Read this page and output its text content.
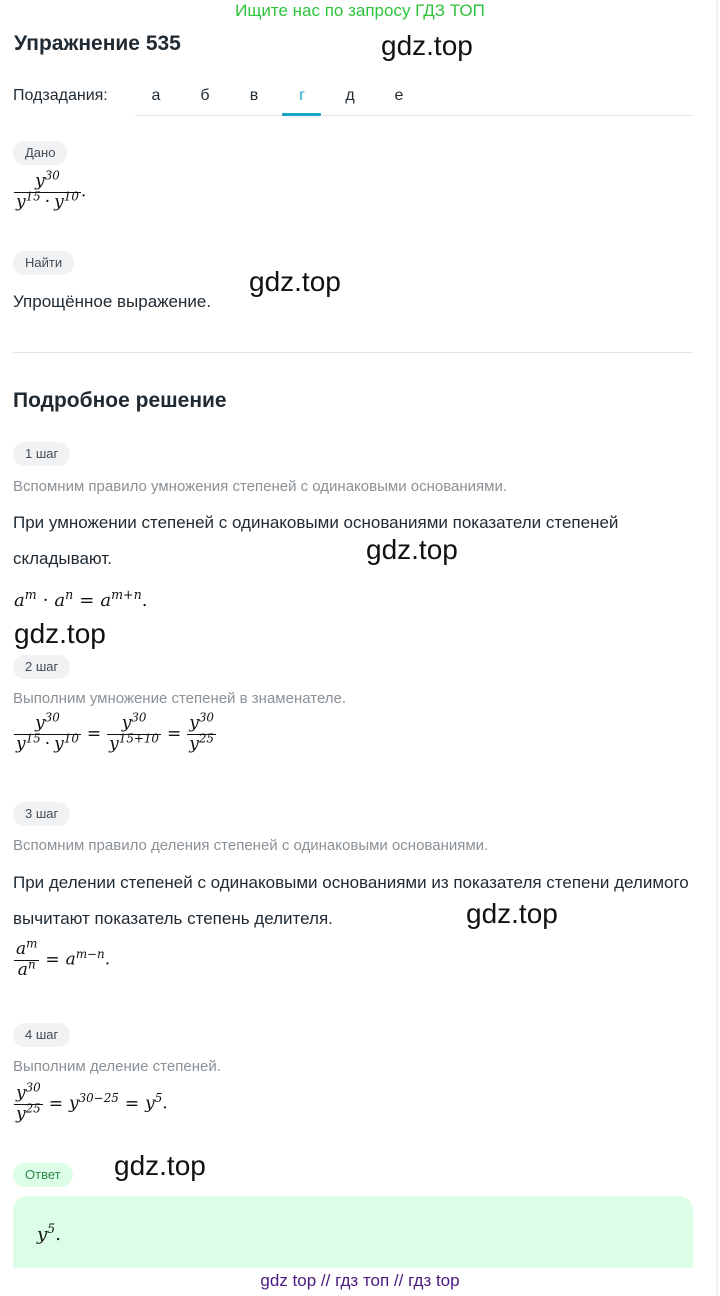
Ищите нас по запросу ГДЗ ТОП
Упражнение 535	gdz.top
Подзадания:	а	б	в	г	д	е
Дано
$\frac{y^{30}}{y^{15} \cdot y^{10}}$ .
Найти
gdz.top
Упрощённое выражение.
Подробное решение
1 шаг
Вспомним правило умножения степеней с одинаковыми основаниями.
При умножении степеней с одинаковыми основаниями показатели степеней складывают.	gdz.top
$a^m \cdot a^n = a^{m+n}$.
gdz.top
2 шаг
Выполним умножение степеней в знаменателе.
$\frac{y^{30}}{y^{15} \cdot y^{10}} = \frac{y^{30}}{y^{15+10}} = \frac{y^{30}}{y^{25}}$
3 шаг
Вспомним правило деления степеней с одинаковыми основаниями.
При делении степеней с одинаковыми основаниями из показателя степени делимого вычитают показатель степень делителя.	gdz.top
$\frac{a^m}{a^n} = a^{m-n}$.
4 шаг
Выполним деление степеней.
$\frac{y^{30}}{y^{25}} = y^{30-25} = y^5$.
Ответ	gdz.top
$y^5$.
gdz top // гдз топ // гдз top
